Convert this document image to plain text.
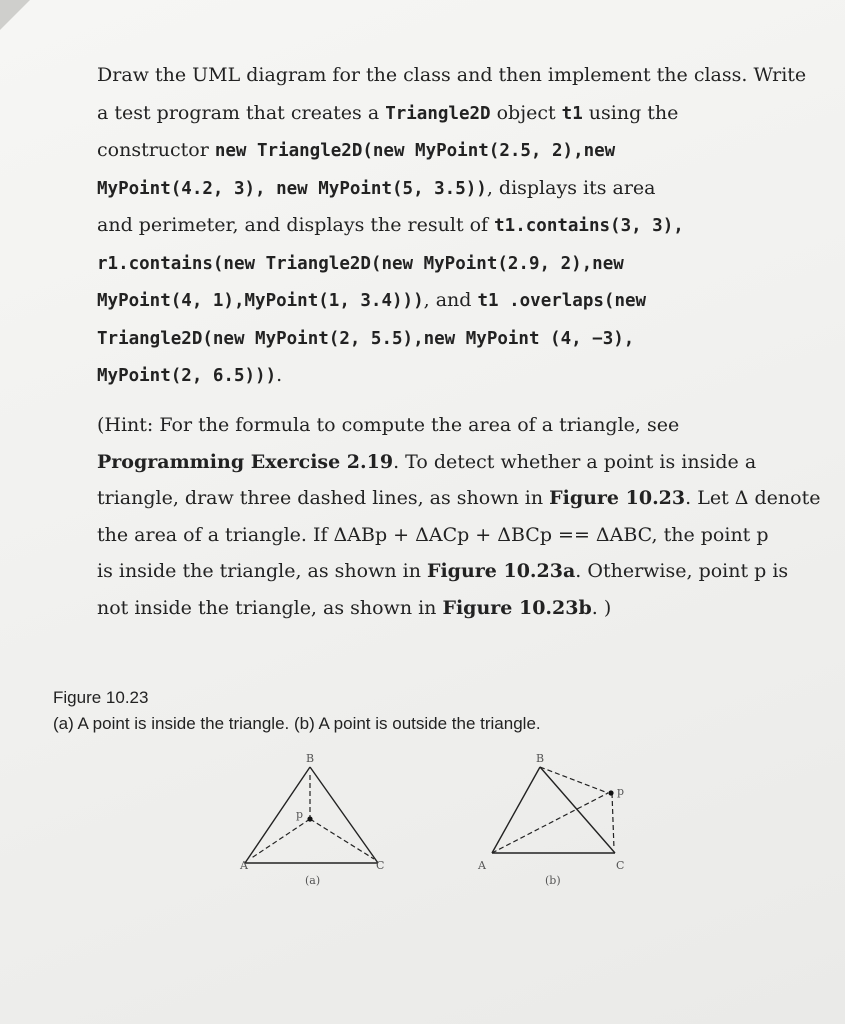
Draw the UML diagram for the class and then implement the class. Write
a test program that creates a Triangle2D object t1 using the
constructor new Triangle2D(new MyPoint(2.5, 2),new
MyPoint(4.2, 3), new MyPoint(5, 3.5)), displays its area
and perimeter, and displays the result of t1.contains(3, 3),
r1.contains(new Triangle2D(new MyPoint(2.9, 2),new
MyPoint(4, 1),MyPoint(1, 3.4))), and t1 .overlaps(new
Triangle2D(new MyPoint(2, 5.5),new MyPoint (4, −3),
MyPoint(2, 6.5))).
(Hint: For the formula to compute the area of a triangle, see
Programming Exercise 2.19. To detect whether a point is inside a
triangle, draw three dashed lines, as shown in Figure 10.23. Let Δ denote
the area of a triangle. If ΔABp + ΔACp + ΔBCp == ΔABC, the point p
is inside the triangle, as shown in Figure 10.23a. Otherwise, point p is
not inside the triangle, as shown in Figure 10.23b. )
Figure 10.23
(a) A point is inside the triangle. (b) A point is outside the triangle.
B
p
A	C
(a)
B
p
A	C
(b)
